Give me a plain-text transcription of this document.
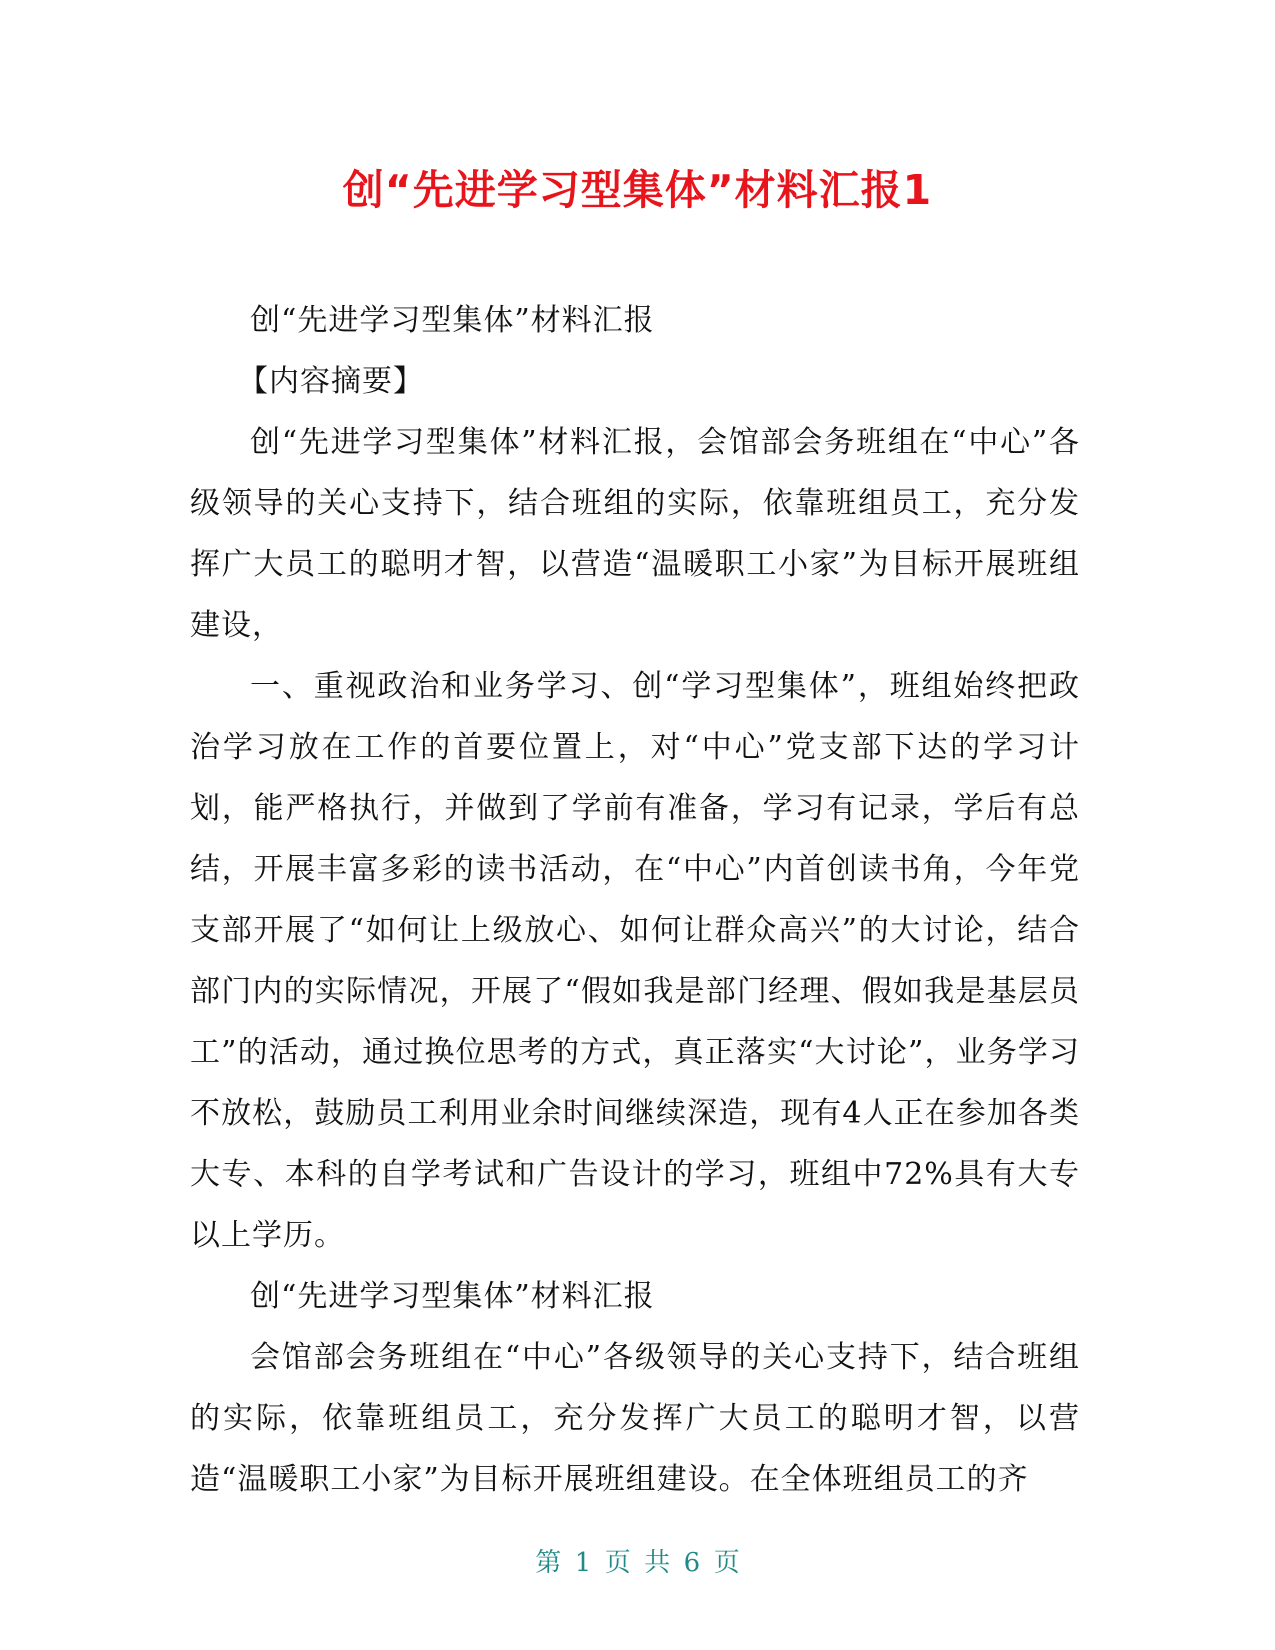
创“先进学习型集体”材料汇报1

创“先进学习型集体”材料汇报

【内容摘要】

创“先进学习型集体”材料汇报，会馆部会务班组在“中心”各级领导的关心支持下，结合班组的实际，依靠班组员工，充分发挥广大员工的聪明才智，以营造“温暖职工小家”为目标开展班组建设，

一、重视政治和业务学习、创“学习型集体”，班组始终把政治学习放在工作的首要位置上，对“中心”党支部下达的学习计划，能严格执行，并做到了学前有准备，学习有记录，学后有总结，开展丰富多彩的读书活动，在“中心”内首创读书角，今年党支部开展了“如何让上级放心、如何让群众高兴”的大讨论，结合部门内的实际情况，开展了“假如我是部门经理、假如我是基层员工”的活动，通过换位思考的方式，真正落实“大讨论”，业务学习不放松，鼓励员工利用业余时间继续深造，现有4人正在参加各类大专、本科的自学考试和广告设计的学习，班组中72%具有大专以上学历。

创“先进学习型集体”材料汇报

会馆部会务班组在“中心”各级领导的关心支持下，结合班组的实际，依靠班组员工，充分发挥广大员工的聪明才智，以营造“温暖职工小家”为目标开展班组建设。在全体班组员工的齐

第 1 页 共 6 页
